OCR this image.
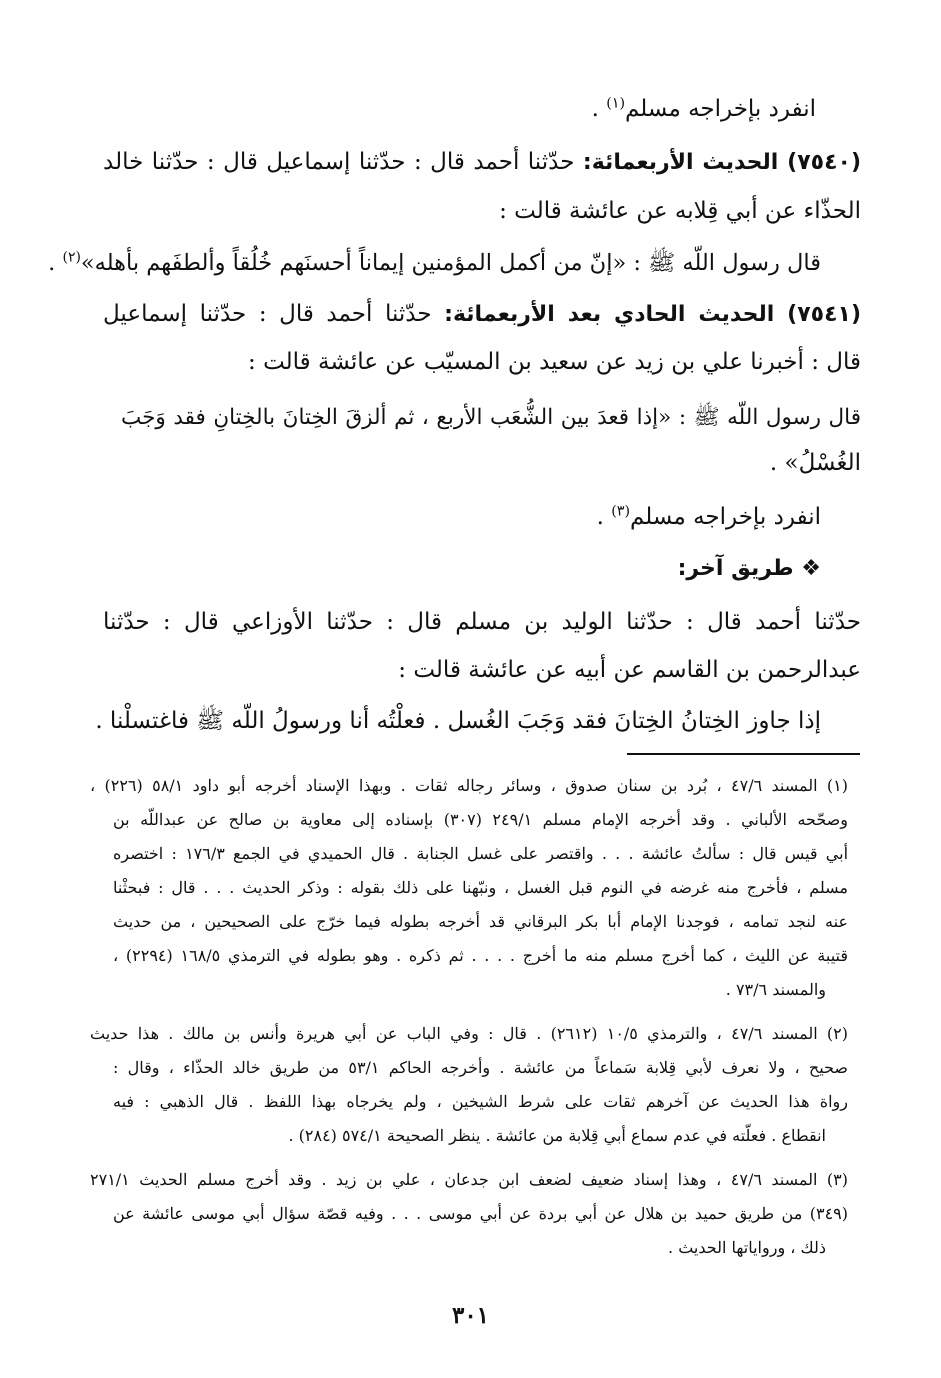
انفرد بإخراجه مسلم$^{(١)}$ .
(٧٥٤٠) الحديث الأربعمائة: حدّثنا أحمد قال : حدّثنا إسماعيل قال : حدّثنا خالد
الحذّاء عن أبي قِلابه عن عائشة قالت :
قال رسول اللّه ﷺ : «إنّ من أكمل المؤمنين إيماناً أحسنَهم خُلُقاً وألطفَهم بأهله»$^{(٢)}$ .
(٧٥٤١) الحديث الحادي بعد الأربعمائة: حدّثنا أحمد قال : حدّثنا إسماعيل
قال : أخبرنا علي بن زيد عن سعيد بن المسيّب عن عائشة قالت :
قال رسول اللّه ﷺ : «إذا قعدَ بين الشُّعَب الأربع ، ثم ألزقَ الخِتانَ بالخِتانِ فقد وَجَبَ
الغُسْلُ» .
انفرد بإخراجه مسلم$^{(٣)}$ .
❖ طريق آخر:
حدّثنا أحمد قال : حدّثنا الوليد بن مسلم قال : حدّثنا الأوزاعي قال : حدّثنا
عبدالرحمن بن القاسم عن أبيه عن عائشة قالت :
إذا جاوز الخِتانُ الخِتانَ فقد وَجَبَ الغُسل . فعلْتُه أنا ورسولُ اللّه ﷺ فاغتسلْنا .
(١) المسند ٤٧/٦ ، بُرد بن سنان صدوق ، وسائر رجاله ثقات . وبهذا الإسناد أخرجه أبو داود ٥٨/١ (٢٢٦) ،
وصحّحه الألباني . وقد أخرجه الإمام مسلم ٢٤٩/١ (٣٠٧) بإسناده إلى معاوية بن صالح عن عبداللّه بن
أبي قيس قال : سألتُ عائشة . . . واقتصر على غسل الجنابة . قال الحميدي في الجمع ١٧٦/٣ : اختصره
مسلم ، فأخرج منه غرضه في النوم قبل الغسل ، ونبّهنا على ذلك بقوله : وذكر الحديث . . . قال : فبحثْنا
عنه لنجد تمامه ، فوجدنا الإمام أبا بكر البرقاني قد أخرجه بطوله فيما خرّج على الصحيحين ، من حديث
قتيبة عن الليث ، كما أخرج مسلم منه ما أخرج . . . . ثم ذكره . وهو بطوله في الترمذي ١٦٨/٥ (٢٢٩٤) ،
والمسند ٧٣/٦ .
(٢) المسند ٤٧/٦ ، والترمذي ١٠/٥ (٢٦١٢) . قال : وفي الباب عن أبي هريرة وأنس بن مالك . هذا حديث
صحيح ، ولا نعرف لأبي قِلابة سَماعاً من عائشة . وأخرجه الحاكم ٥٣/١ من طريق خالد الحذّاء ، وقال :
رواة هذا الحديث عن آخرهم ثقات على شرط الشيخين ، ولم يخرجاه بهذا اللفظ . قال الذهبي : فيه
انقطاع . فعلّته في عدم سماع أبي قِلابة من عائشة . ينظر الصحيحة ٥٧٤/١ (٢٨٤) .
(٣) المسند ٤٧/٦ ، وهذا إسناد ضعيف لضعف ابن جدعان ، علي بن زيد . وقد أخرج مسلم الحديث ٢٧١/١
(٣٤٩) من طريق حميد بن هلال عن أبي بردة عن أبي موسى . . . وفيه قصّة سؤال أبي موسى عائشة عن
ذلك ، ورواياتها الحديث .
٣٠١
